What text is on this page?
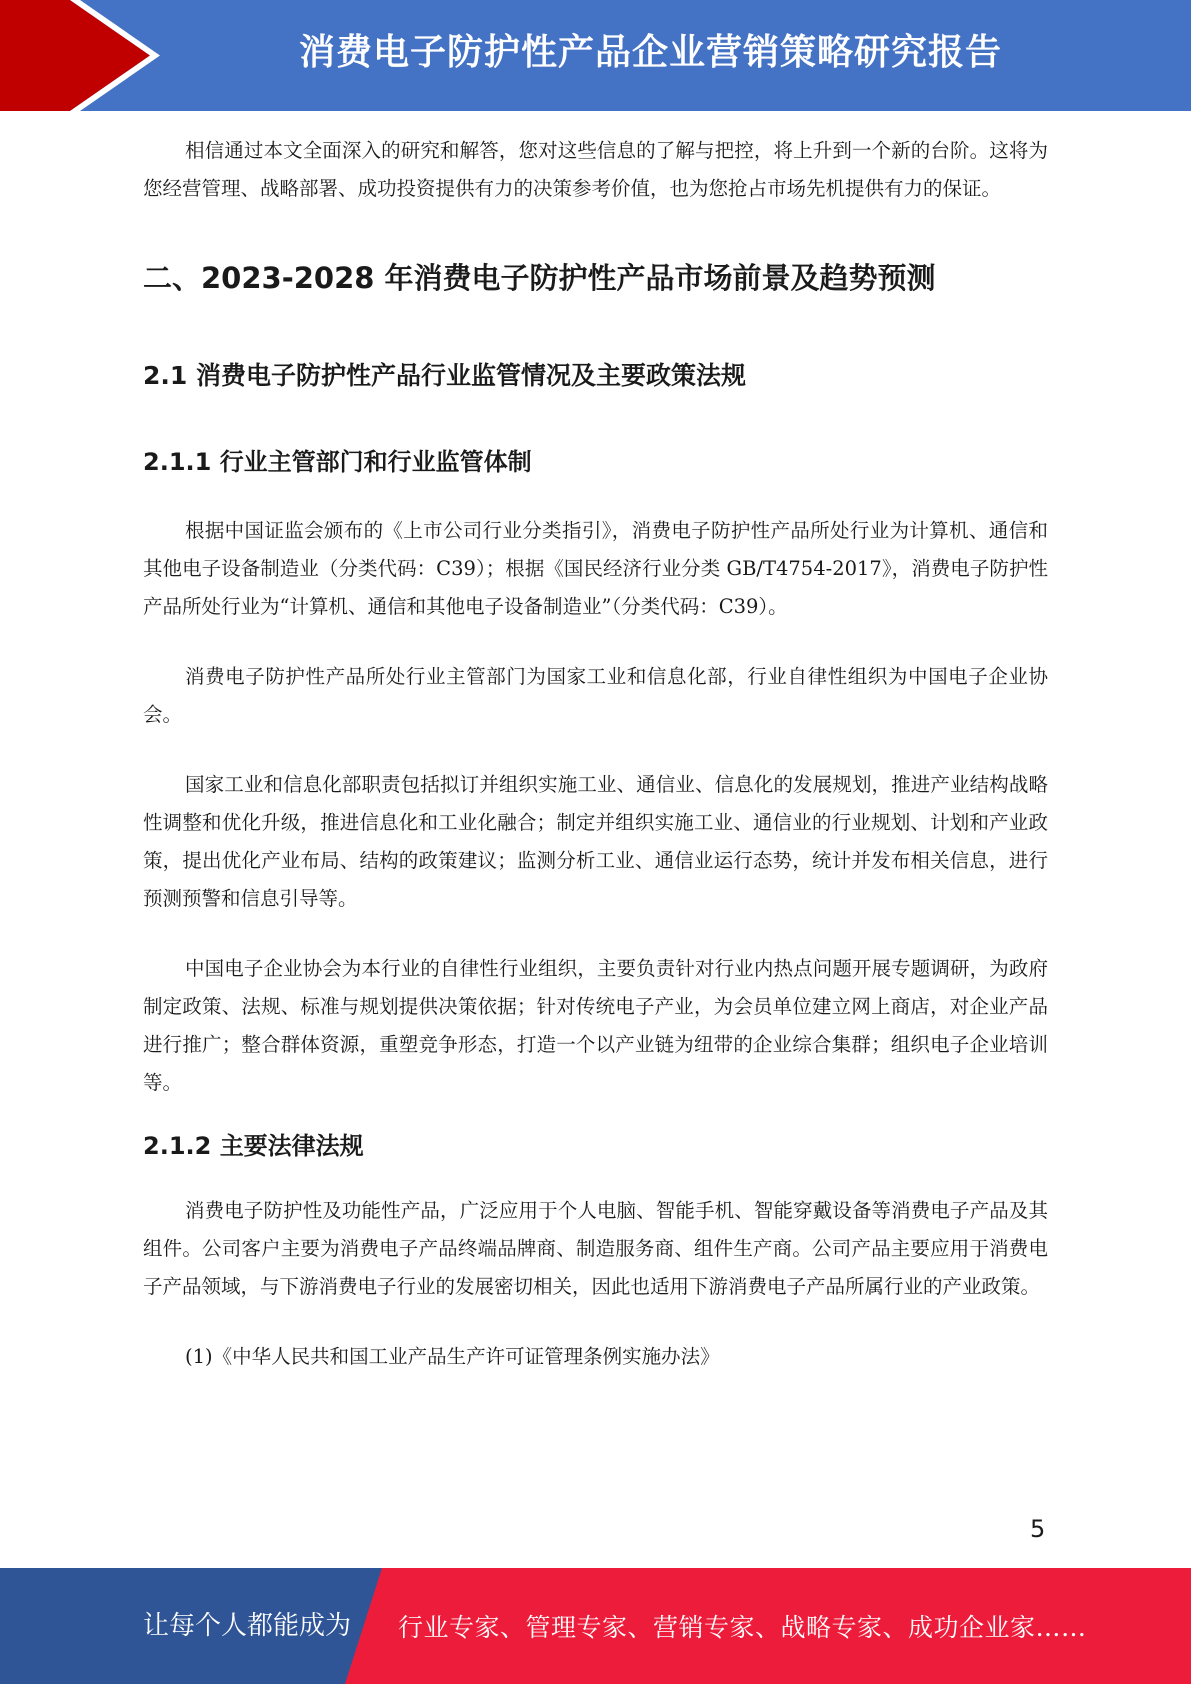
消费电子防护性产品企业营销策略研究报告

相信通过本文全面深入的研究和解答，您对这些信息的了解与把控，将上升到一个新的台阶。这将为您经营管理、战略部署、成功投资提供有力的决策参考价值，也为您抢占市场先机提供有力的保证。

二、2023-2028 年消费电子防护性产品市场前景及趋势预测
2.1 消费电子防护性产品行业监管情况及主要政策法规
2.1.1 行业主管部门和行业监管体制

根据中国证监会颁布的《上市公司行业分类指引》，消费电子防护性产品所处行业为计算机、通信和其他电子设备制造业（分类代码：C39）；根据《国民经济行业分类 GB/T4754-2017》，消费电子防护性产品所处行业为“计算机、通信和其他电子设备制造业”（分类代码：C39）。

消费电子防护性产品所处行业主管部门为国家工业和信息化部，行业自律性组织为中国电子企业协会。

国家工业和信息化部职责包括拟订并组织实施工业、通信业、信息化的发展规划，推进产业结构战略性调整和优化升级，推进信息化和工业化融合；制定并组织实施工业、通信业的行业规划、计划和产业政策，提出优化产业布局、结构的政策建议；监测分析工业、通信业运行态势，统计并发布相关信息，进行预测预警和信息引导等。

中国电子企业协会为本行业的自律性行业组织，主要负责针对行业内热点问题开展专题调研，为政府制定政策、法规、标准与规划提供决策依据；针对传统电子产业，为会员单位建立网上商店，对企业产品进行推广；整合群体资源，重塑竞争形态，打造一个以产业链为纽带的企业综合集群；组织电子企业培训等。

2.1.2 主要法律法规

消费电子防护性及功能性产品，广泛应用于个人电脑、智能手机、智能穿戴设备等消费电子产品及其组件。公司客户主要为消费电子产品终端品牌商、制造服务商、组件生产商。公司产品主要应用于消费电子产品领域，与下游消费电子行业的发展密切相关，因此也适用下游消费电子产品所属行业的产业政策。

(1)《中华人民共和国工业产品生产许可证管理条例实施办法》

5
让每个人都能成为 行业专家、管理专家、营销专家、战略专家、成功企业家……
